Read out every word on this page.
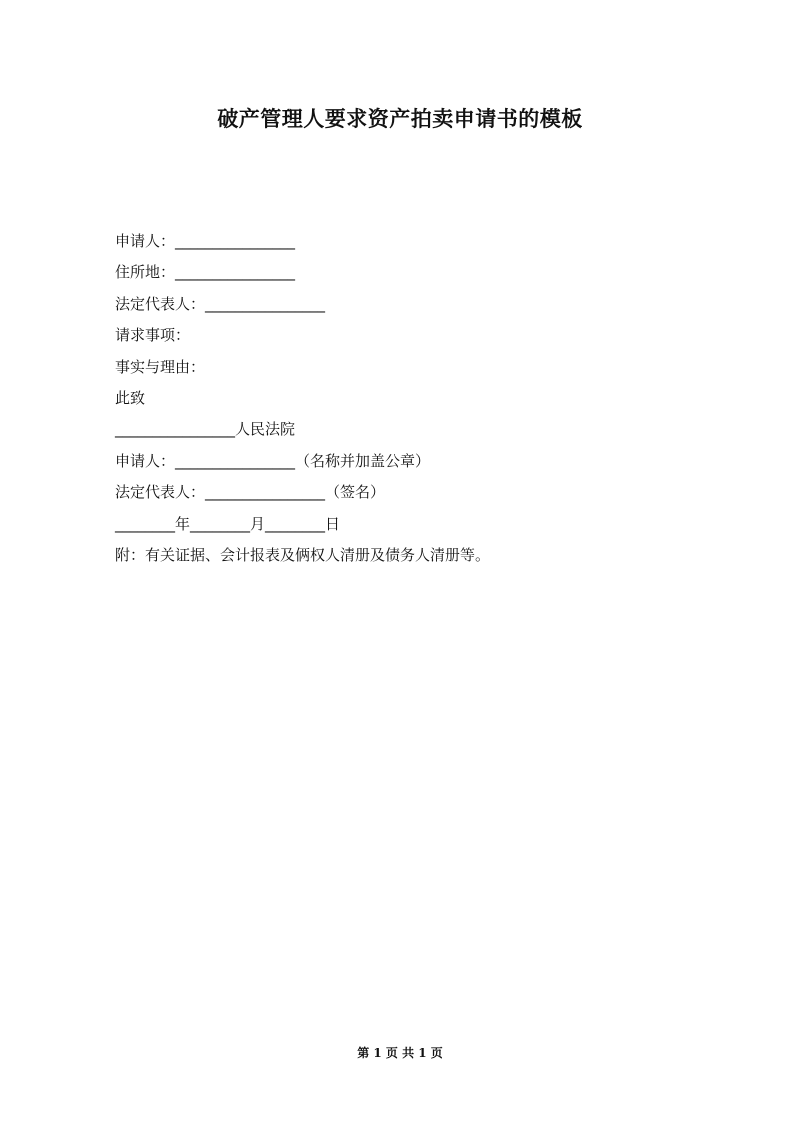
破产管理人要求资产拍卖申请书的模板
申请人：________________
住所地：________________
法定代表人：________________
请求事项：
事实与理由：
此致
________________人民法院
申请人：________________（名称并加盖公章）
法定代表人：________________（签名）
________年________月________日
附：有关证据、会计报表及俩权人清册及债务人清册等。
第 1 页 共 1 页
